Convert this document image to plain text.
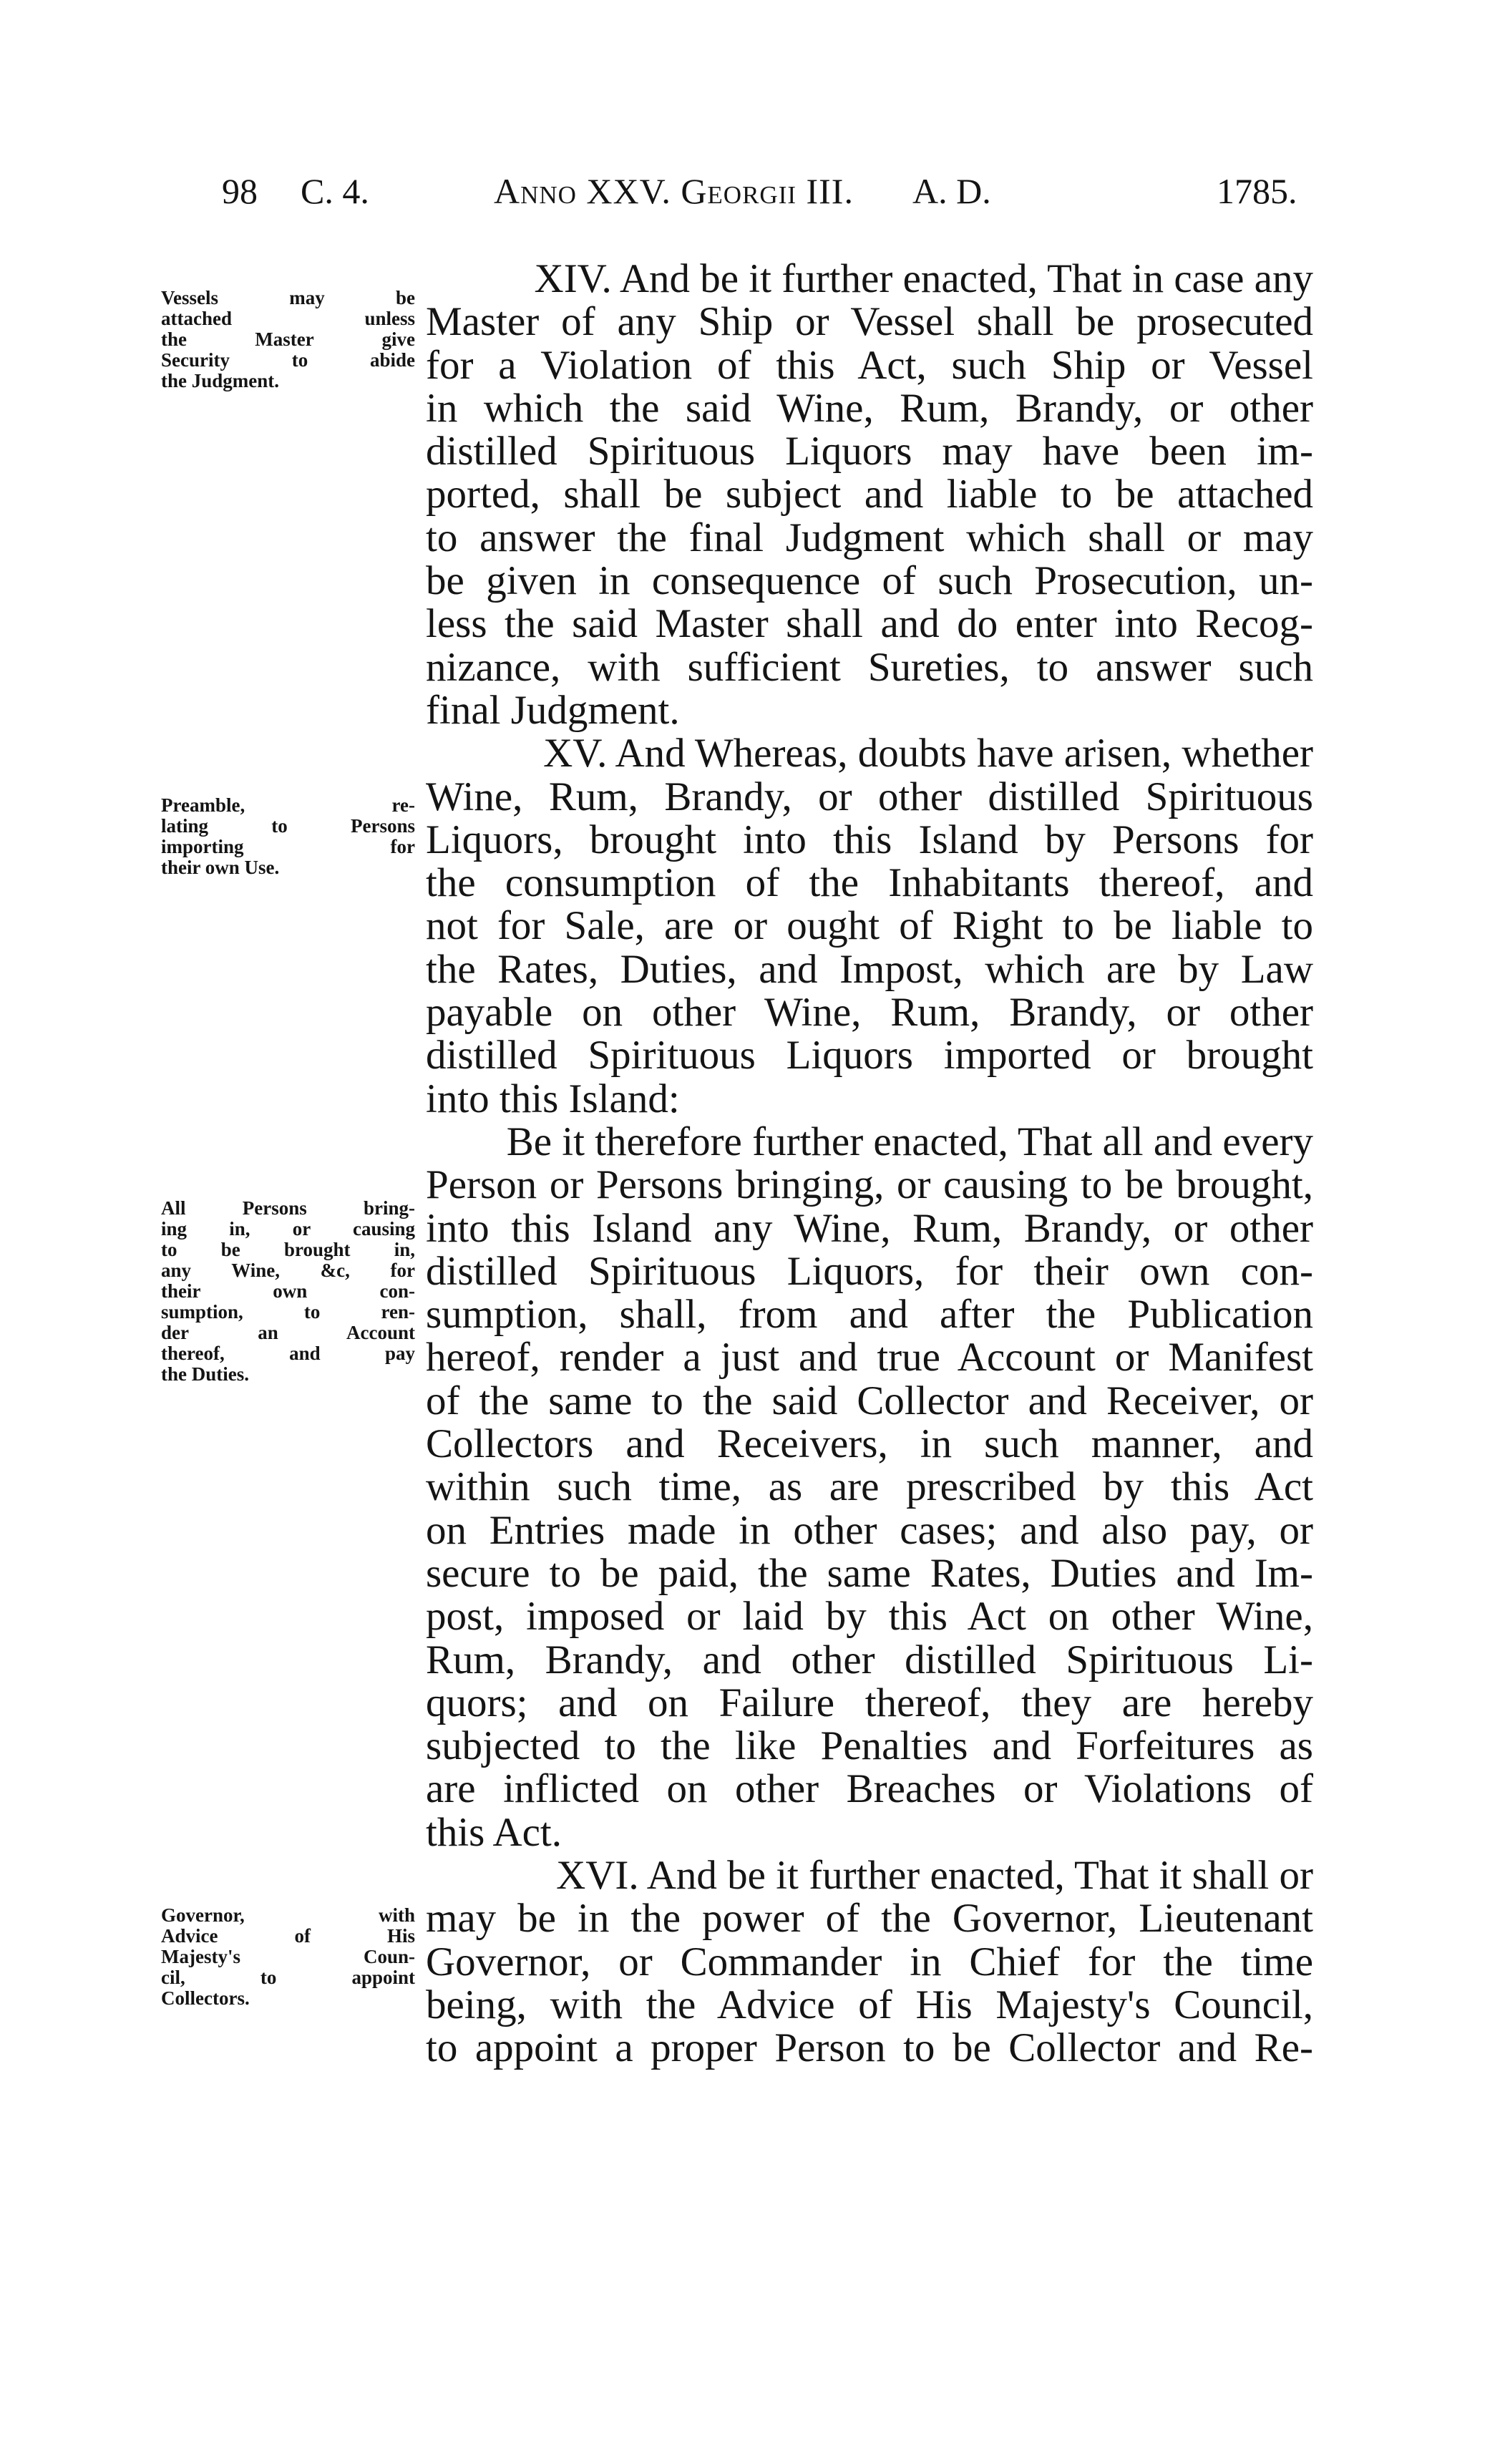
98 C. 4.	Anno XXV. Georgii III. A. D.	1785.
XIV. And be it further enacted, That in case any
Master of any Ship or Vessel shall be prosecuted
for a Violation of this Act, such Ship or Vessel
in which the said Wine, Rum, Brandy, or other
distilled Spirituous Liquors may have been im-
ported, shall be subject and liable to be attached
to answer the final Judgment which shall or may
be given in consequence of such Prosecution, un-
less the said Master shall and do enter into Recog-
nizance, with sufficient Sureties, to answer such
final Judgment.
XV. And Whereas, doubts have arisen, whether
Wine, Rum, Brandy, or other distilled Spirituous
Liquors, brought into this Island by Persons for
the consumption of the Inhabitants thereof, and
not for Sale, are or ought of Right to be liable to
the Rates, Duties, and Impost, which are by Law
payable on other Wine, Rum, Brandy, or other
distilled Spirituous Liquors imported or brought
into this Island:
Be it therefore further enacted, That all and every
Person or Persons bringing, or causing to be brought,
into this Island any Wine, Rum, Brandy, or other
distilled Spirituous Liquors, for their own con-
sumption, shall, from and after the Publication
hereof, render a just and true Account or Manifest
of the same to the said Collector and Receiver, or
Collectors and Receivers, in such manner, and
within such time, as are prescribed by this Act
on Entries made in other cases; and also pay, or
secure to be paid, the same Rates, Duties and Im-
post, imposed or laid by this Act on other Wine,
Rum, Brandy, and other distilled Spirituous Li-
quors; and on Failure thereof, they are hereby
subjected to the like Penalties and Forfeitures as
are inflicted on other Breaches or Violations of
this Act.
XVI. And be it further enacted, That it shall or
may be in the power of the Governor, Lieutenant
Governor, or Commander in Chief for the time
being, with the Advice of His Majesty's Council,
to appoint a proper Person to be Collector and Re-
Vessels may be
attached unless
the Master give
Security to abide
the Judgment.
Preamble, re-
lating to Persons
importing for
their own Use.
All Persons bring-
ing in, or causing
to be brought in,
any Wine, &c, for
their own con-
sumption, to ren-
der an Account
thereof, and pay
the Duties.
Governor, with
Advice of His
Majesty's Coun-
cil, to appoint
Collectors.
